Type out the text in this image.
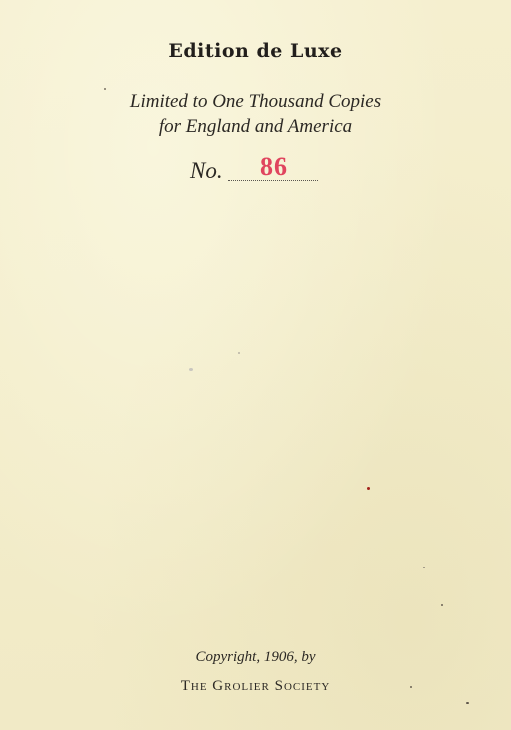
Edition de Luxe
Limited to One Thousand Copies
for England and America
No. 86
Copyright, 1906, by
The Grolier Society
